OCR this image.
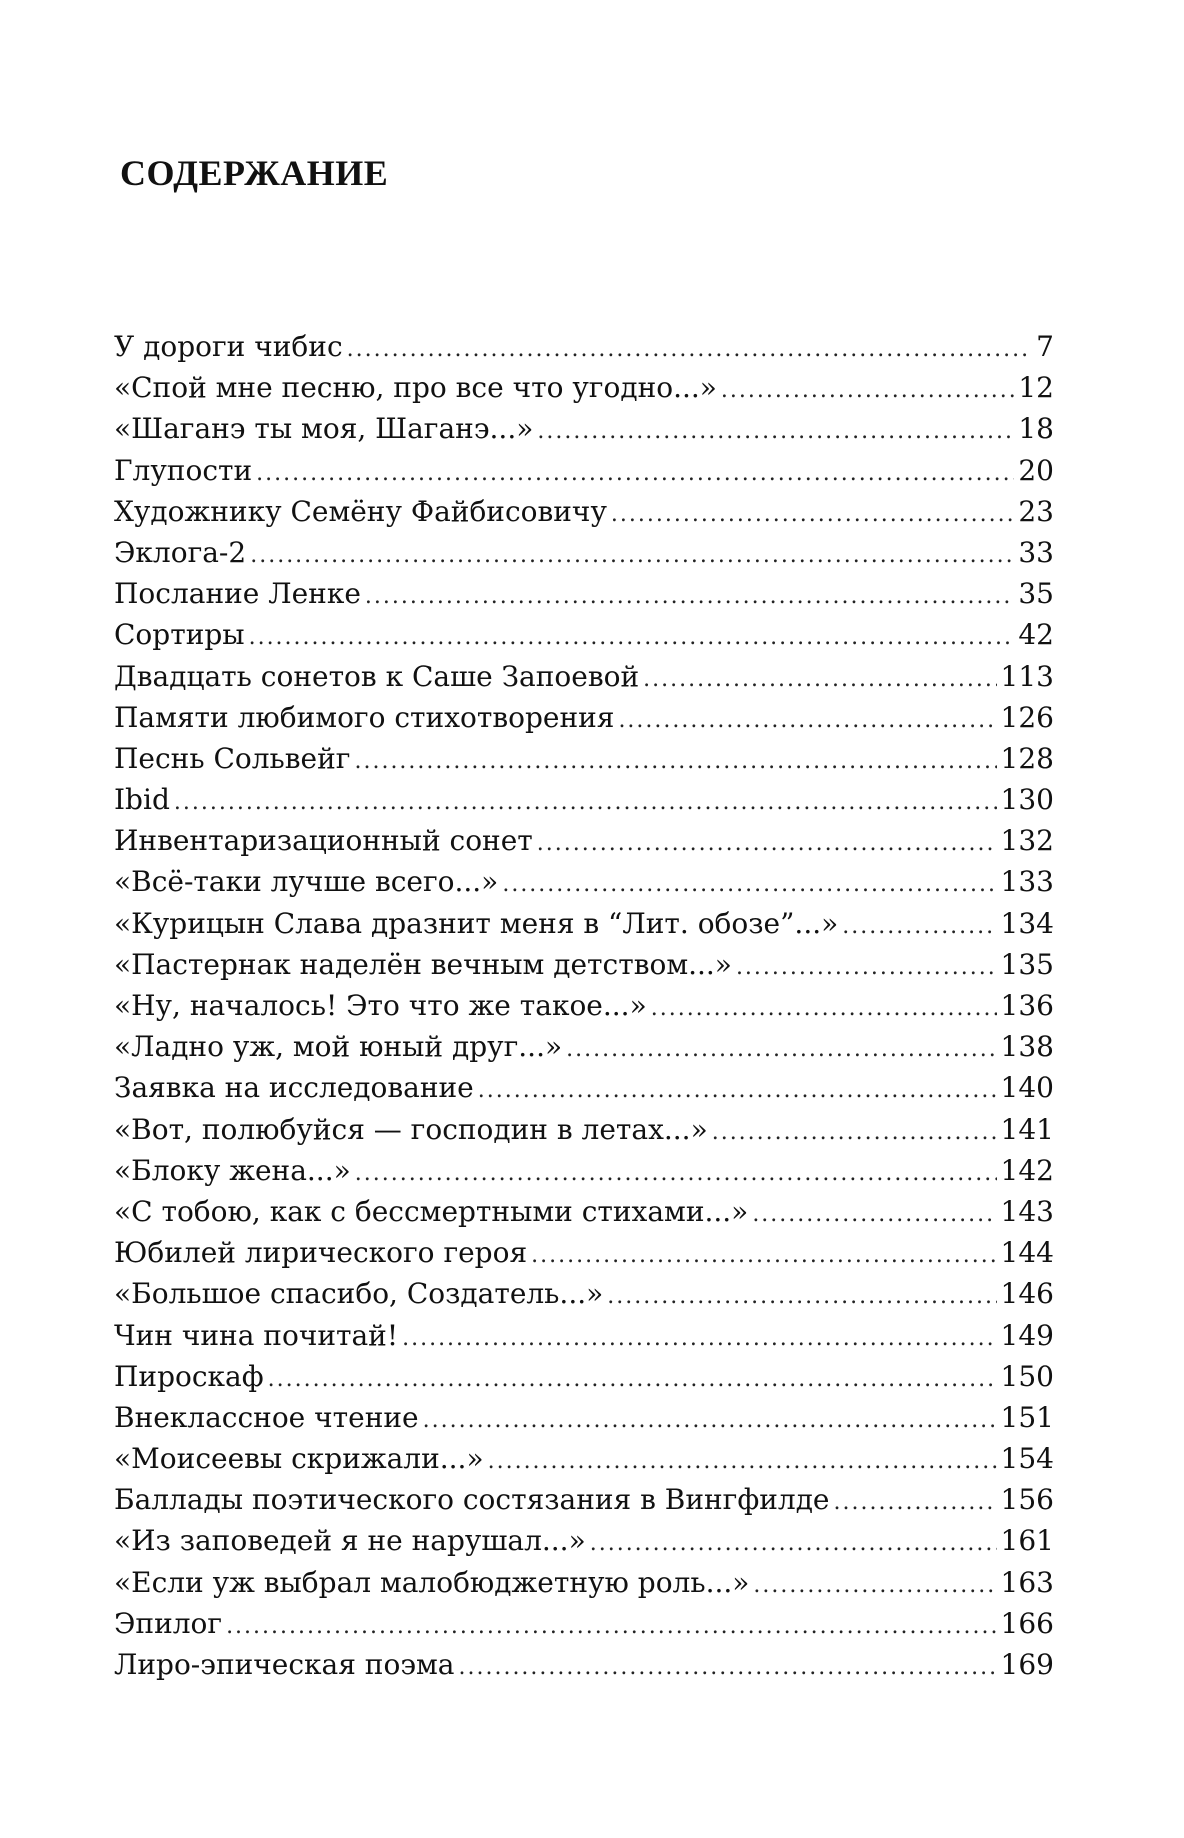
СОДЕРЖАНИЕ
У дороги чибис .....	7
«Спой мне песню, про все что угодно...» .....	12
«Шаганэ ты моя, Шаганэ...» .....	18
Глупости .....	20
Художнику Семёну Файбисовичу .....	23
Эклога-2 .....	33
Послание Ленке .....	35
Сортиры .....	42
Двадцать сонетов к Саше Запоевой .....	113
Памяти любимого стихотворения .....	126
Песнь Сольвейг .....	128
Ibid .....	130
Инвентаризационный сонет .....	132
«Всё-таки лучше всего...» .....	133
«Курицын Слава дразнит меня в “Лит. обозе”...» .....	134
«Пастернак наделён вечным детством...» .....	135
«Ну, началось! Это что же такое...» .....	136
«Ладно уж, мой юный друг...» .....	138
Заявка на исследование .....	140
«Вот, полюбуйся — господин в летах...» .....	141
«Блоку жена...» .....	142
«С тобою, как с бессмертными стихами...» .....	143
Юбилей лирического героя .....	144
«Большое спасибо, Создатель...» .....	146
Чин чина почитай! .....	149
Пироскаф .....	150
Внеклассное чтение .....	151
«Моисеевы скрижали...» .....	154
Баллады поэтического состязания в Вингфилде .....	156
«Из заповедей я не нарушал...» .....	161
«Если уж выбрал малобюджетную роль...» .....	163
Эпилог .....	166
Лиро-эпическая поэма .....	169
